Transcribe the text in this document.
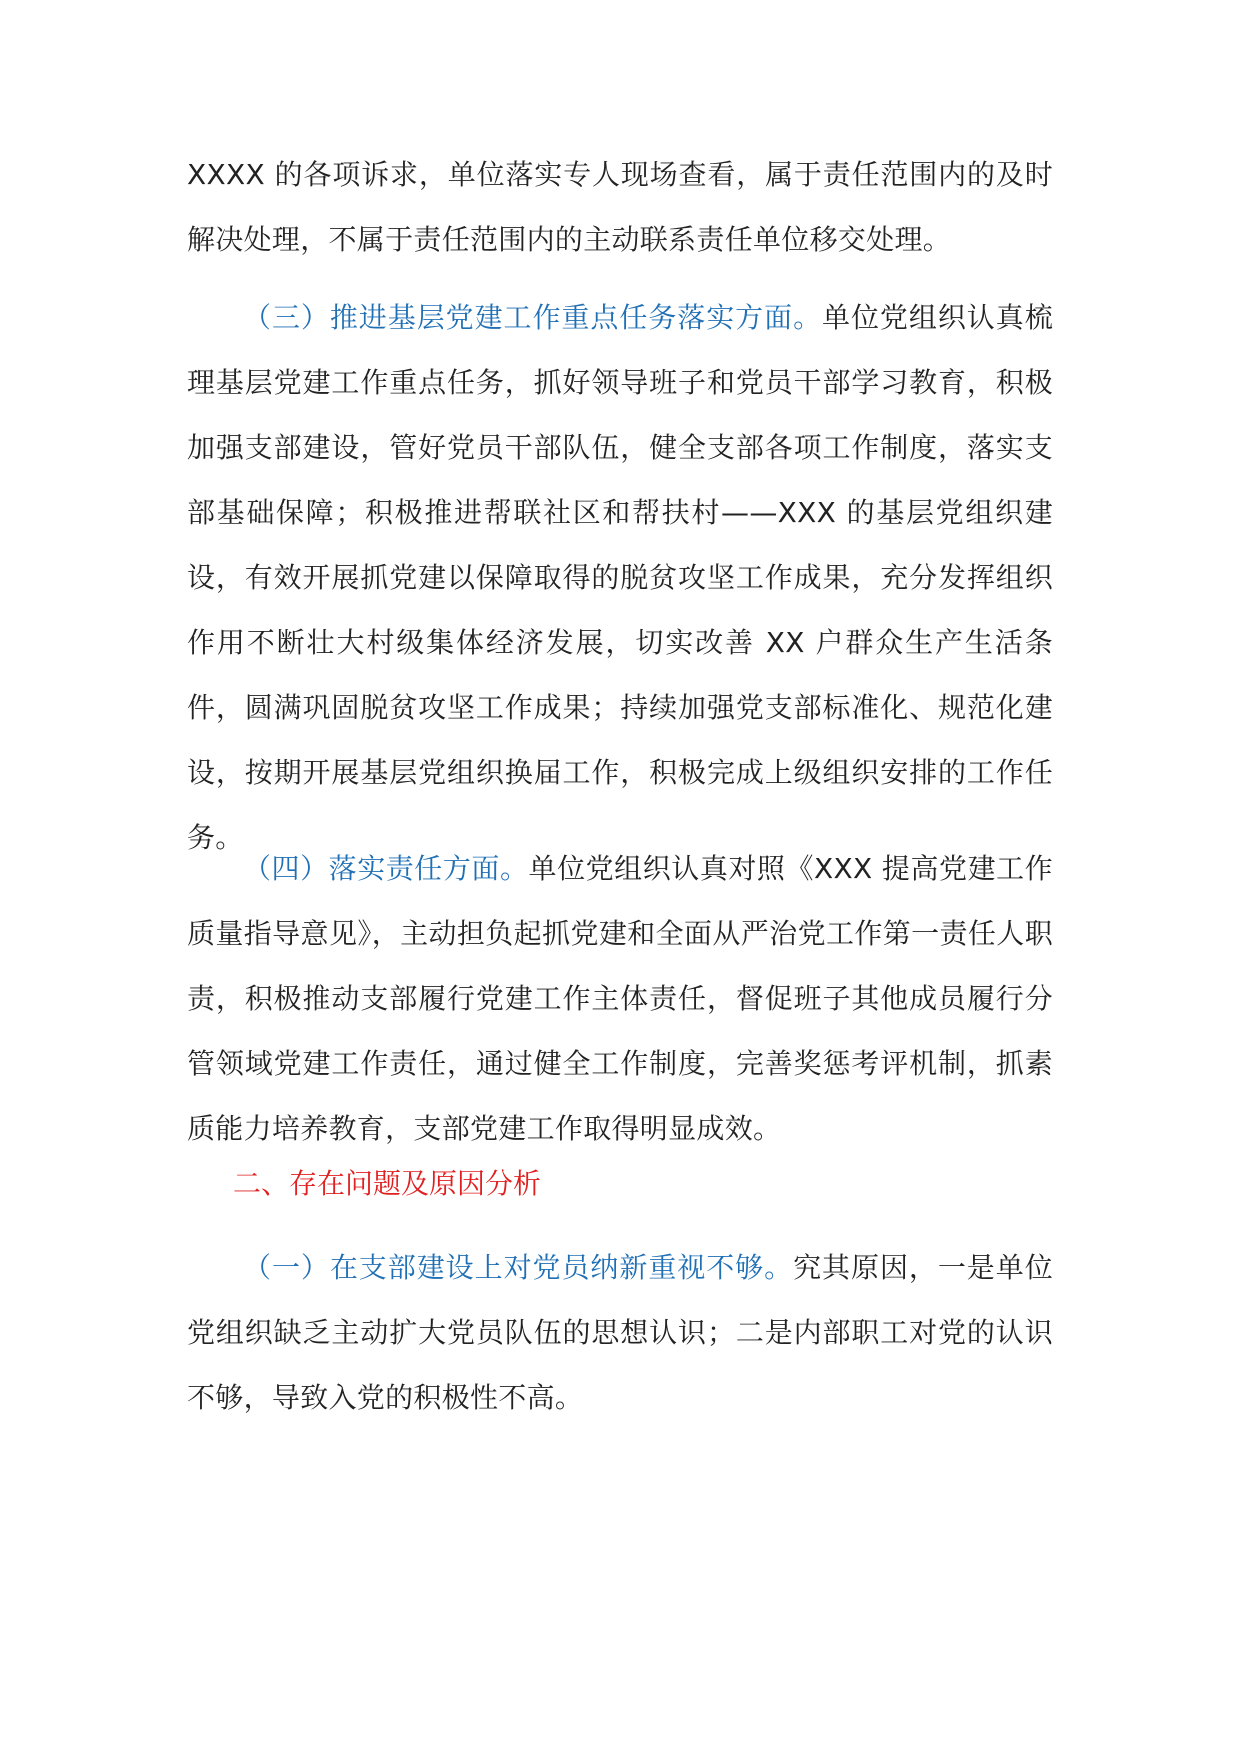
XXXX 的各项诉求，单位落实专人现场查看，属于责任范围内的及时解决处理，不属于责任范围内的主动联系责任单位移交处理。

（三）推进基层党建工作重点任务落实方面。单位党组织认真梳理基层党建工作重点任务，抓好领导班子和党员干部学习教育，积极加强支部建设，管好党员干部队伍，健全支部各项工作制度，落实支部基础保障；积极推进帮联社区和帮扶村——XXX 的基层党组织建设，有效开展抓党建以保障取得的脱贫攻坚工作成果，充分发挥组织作用不断壮大村级集体经济发展，切实改善 XX 户群众生产生活条件，圆满巩固脱贫攻坚工作成果；持续加强党支部标准化、规范化建设，按期开展基层党组织换届工作，积极完成上级组织安排的工作任务。

（四）落实责任方面。单位党组织认真对照《XXX 提高党建工作质量指导意见》，主动担负起抓党建和全面从严治党工作第一责任人职责，积极推动支部履行党建工作主体责任，督促班子其他成员履行分管领域党建工作责任，通过健全工作制度，完善奖惩考评机制，抓素质能力培养教育，支部党建工作取得明显成效。

二、存在问题及原因分析

（一）在支部建设上对党员纳新重视不够。究其原因，一是单位党组织缺乏主动扩大党员队伍的思想认识；二是内部职工对党的认识不够，导致入党的积极性不高。
